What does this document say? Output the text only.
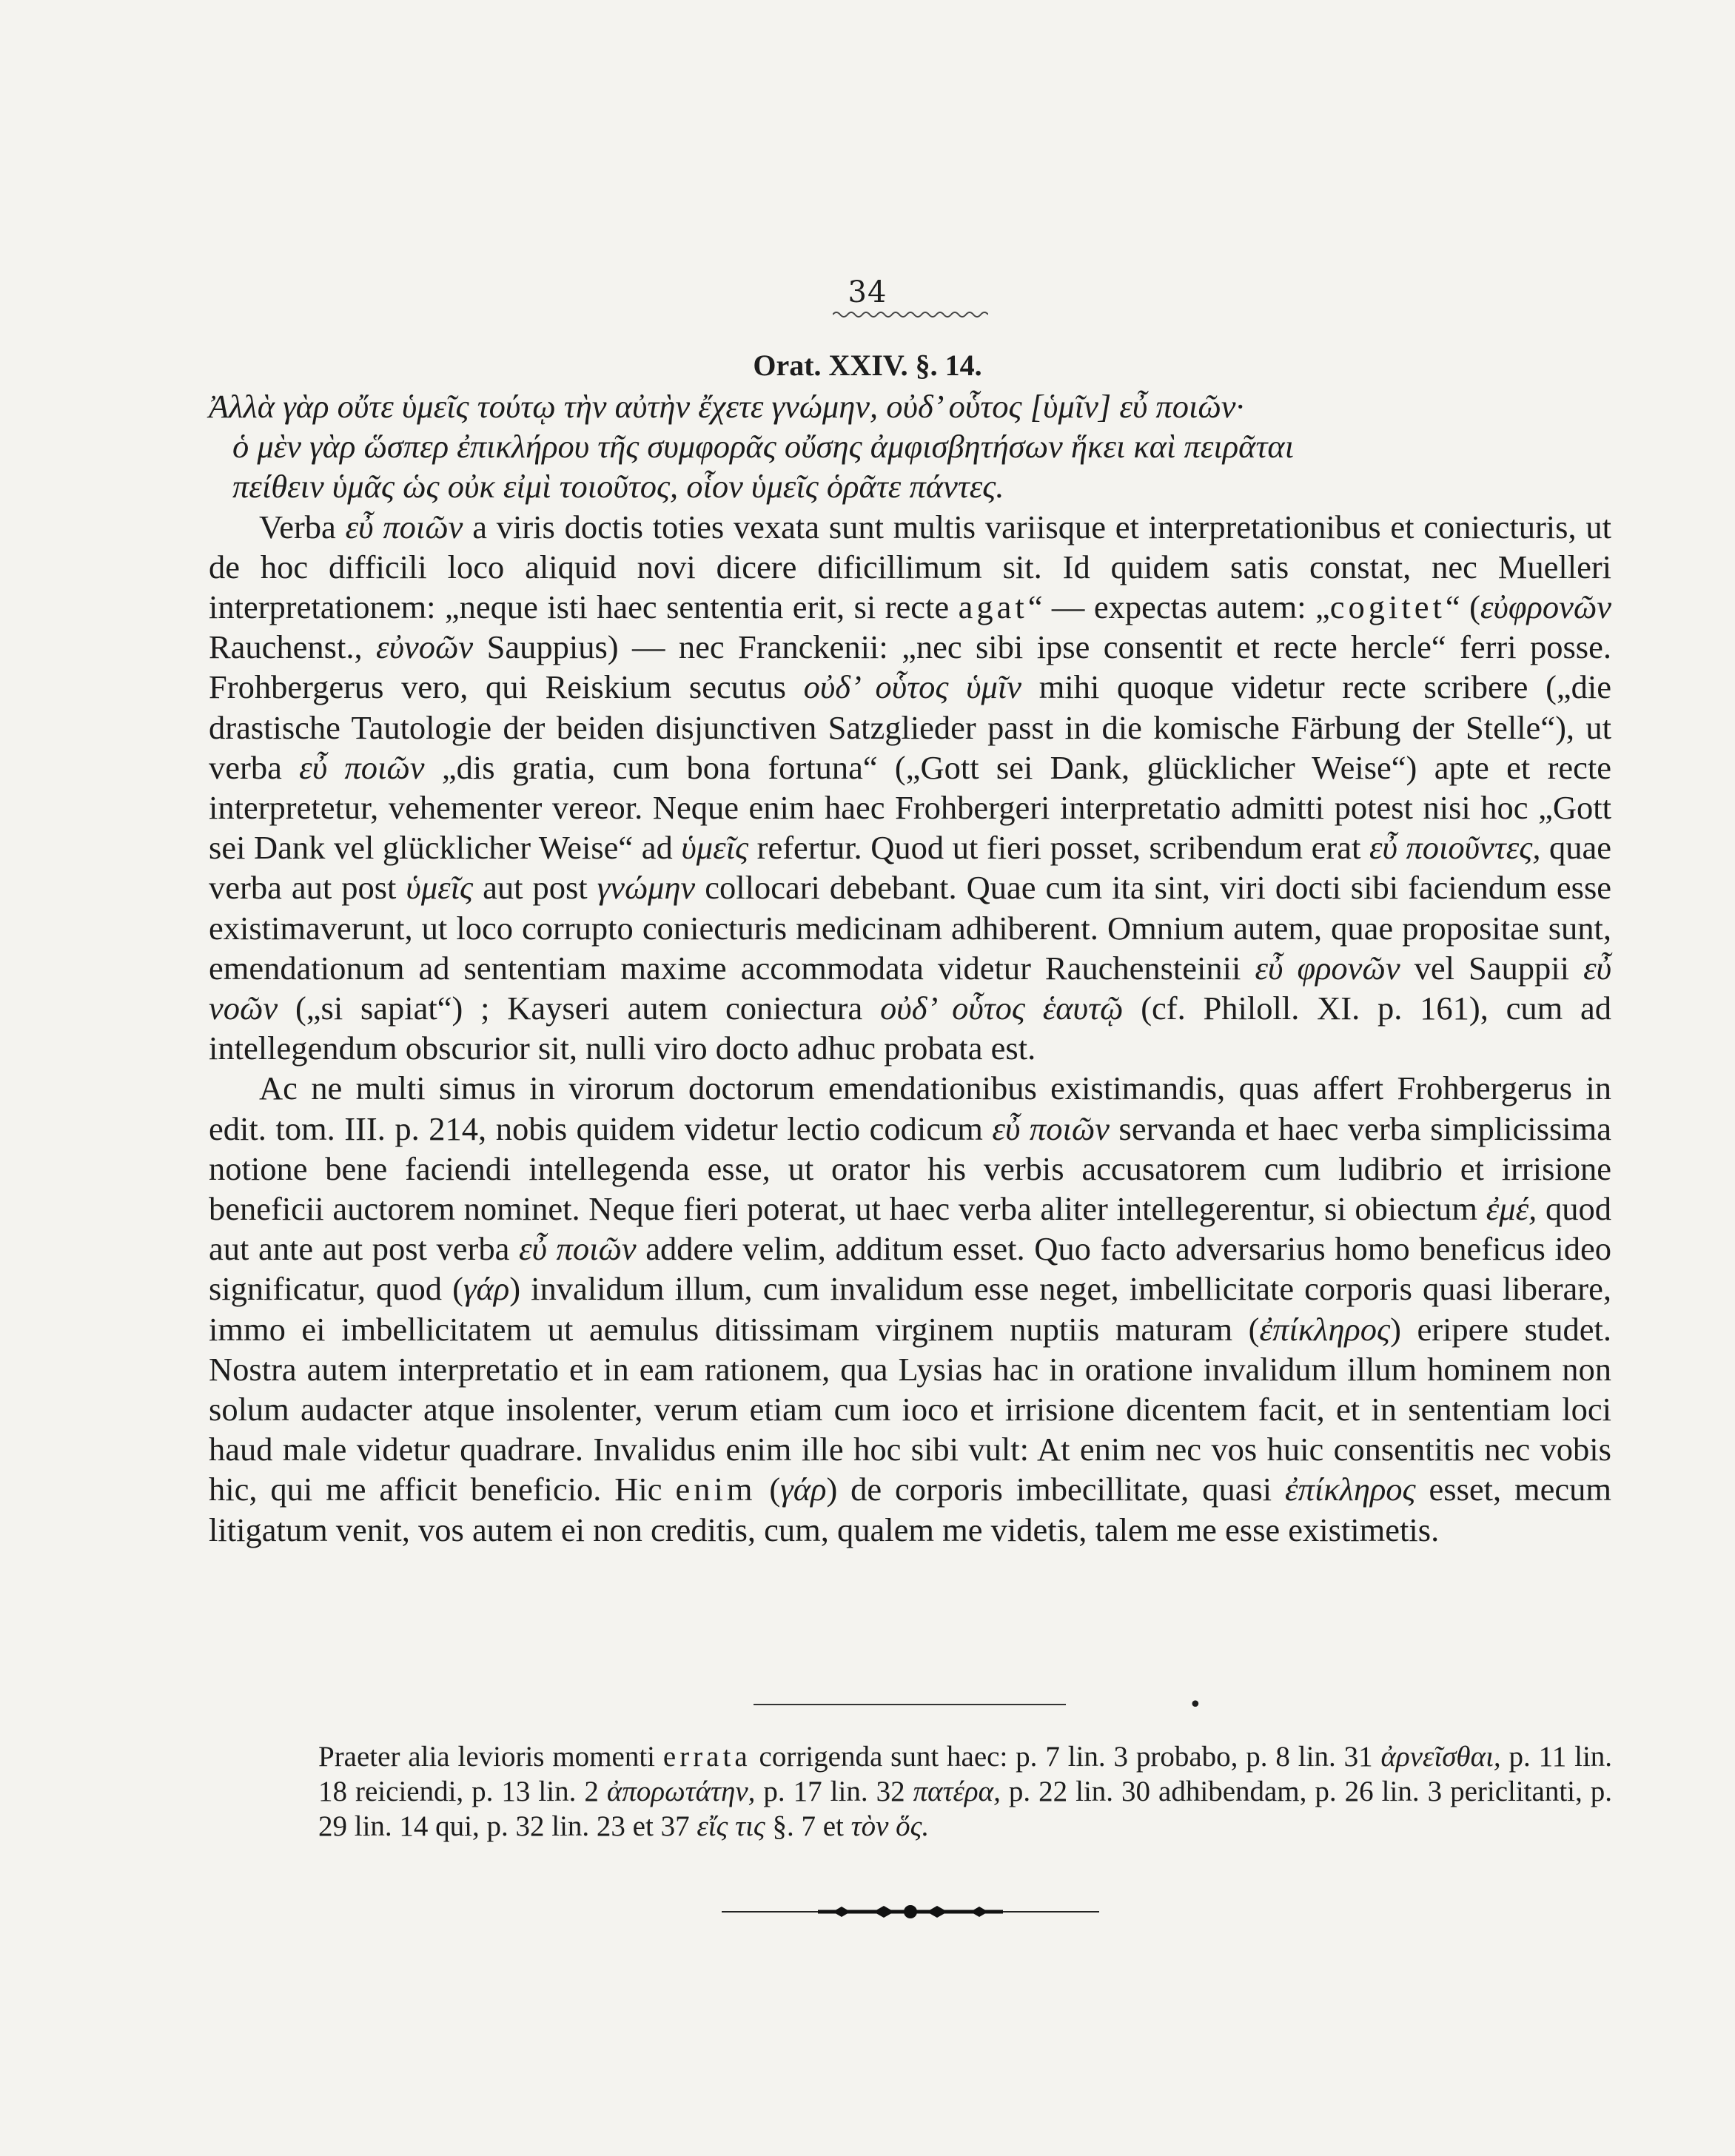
34
Orat. XXIV. §. 14.

Ἀλλὰ γὰρ οὔτε ὑμεῖς τούτῳ τὴν αὐτὴν ἔχετε γνώμην, οὐδ’ οὗτος [ὑμῖν] εὖ ποιῶν·
ὁ μὲν γὰρ ὥσπερ ἐπικλήρου τῆς συμφορᾶς οὔσης ἀμφισβητήσων ἥκει καὶ πειρᾶται
πείθειν ὑμᾶς ὡς οὐκ εἰμὶ τοιοῦτος, οἷον ὑμεῖς ὁρᾶτε πάντες.

Verba εὖ ποιῶν a viris doctis toties vexata sunt multis variisque et interpretationibus et coniecturis, ut de hoc difficili loco aliquid novi dicere dificillimum sit. Id quidem satis constat, nec Muelleri interpretationem: „neque isti haec sententia erit, si recte agat“ — expectas autem: „cogitet“ (εὐφρονῶν Rauchenst., εὐνοῶν Sauppius) — nec Franckenii: „nec sibi ipse consentit et recte hercle“ ferri posse. Frohbergerus vero, qui Reiskium secutus οὐδ’ οὗτος ὑμῖν mihi quoque videtur recte scribere („die drastische Tautologie der beiden disjunctiven Satzglieder passt in die komische Färbung der Stelle“), ut verba εὖ ποιῶν „dis gratia, cum bona fortuna“ („Gott sei Dank, glücklicher Weise“) apte et recte interpretetur, vehementer vereor. Neque enim haec Frohbergeri interpretatio admitti potest nisi hoc „Gott sei Dank vel glücklicher Weise“ ad ὑμεῖς refertur. Quod ut fieri posset, scribendum erat εὖ ποιοῦντες, quae verba aut post ὑμεῖς aut post γνώμην collocari debebant. Quae cum ita sint, viri docti sibi faciendum esse existimaverunt, ut loco corrupto coniecturis medicinam adhiberent. Omnium autem, quae propositae sunt, emendationum ad sententiam maxime accommodata videtur Rauchensteinii εὖ φρονῶν vel Sauppii εὖ νοῶν („si sapiat“) ; Kayseri autem coniectura οὐδ’ οὗτος ἑαυτῷ (cf. Philoll. XI. p. 161), cum ad intellegendum obscurior sit, nulli viro docto adhuc probata est.

Ac ne multi simus in virorum doctorum emendationibus existimandis, quas affert Frohbergerus in edit. tom. III. p. 214, nobis quidem videtur lectio codicum εὖ ποιῶν servanda et haec verba simplicissima notione bene faciendi intellegenda esse, ut orator his verbis accusatorem cum ludibrio et irrisione beneficii auctorem nominet. Neque fieri poterat, ut haec verba aliter intellegerentur, si obiectum ἐμέ, quod aut ante aut post verba εὖ ποιῶν addere velim, additum esset. Quo facto adversarius homo beneficus ideo significatur, quod (γάρ) invalidum illum, cum invalidum esse neget, imbellicitate corporis quasi liberare, immo ei imbellicitatem ut aemulus ditissimam virginem nuptiis maturam (ἐπίκληρος) eripere studet. Nostra autem interpretatio et in eam rationem, qua Lysias hac in oratione invalidum illum hominem non solum audacter atque insolenter, verum etiam cum ioco et irrisione dicentem facit, et in sententiam loci haud male videtur quadrare. Invalidus enim ille hoc sibi vult: At enim nec vos huic consentitis nec vobis hic, qui me afficit beneficio. Hic enim (γάρ) de corporis imbecillitate, quasi ἐπίκληρος esset, mecum litigatum venit, vos autem ei non creditis, cum, qualem me videtis, talem me esse existimetis.

•

Praeter alia levioris momenti errata corrigenda sunt haec: p. 7 lin. 3 probabo, p. 8 lin. 31 ἀρνεῖσθαι, p. 11 lin. 18 reiciendi, p. 13 lin. 2 ἀπορωτάτην, p. 17 lin. 32 πατέρα, p. 22 lin. 30 adhibendam, p. 26 lin. 3 periclitanti, p. 29 lin. 14 qui, p. 32 lin. 23 et 37 εἴς τις §. 7 et τὸν ὅς.
